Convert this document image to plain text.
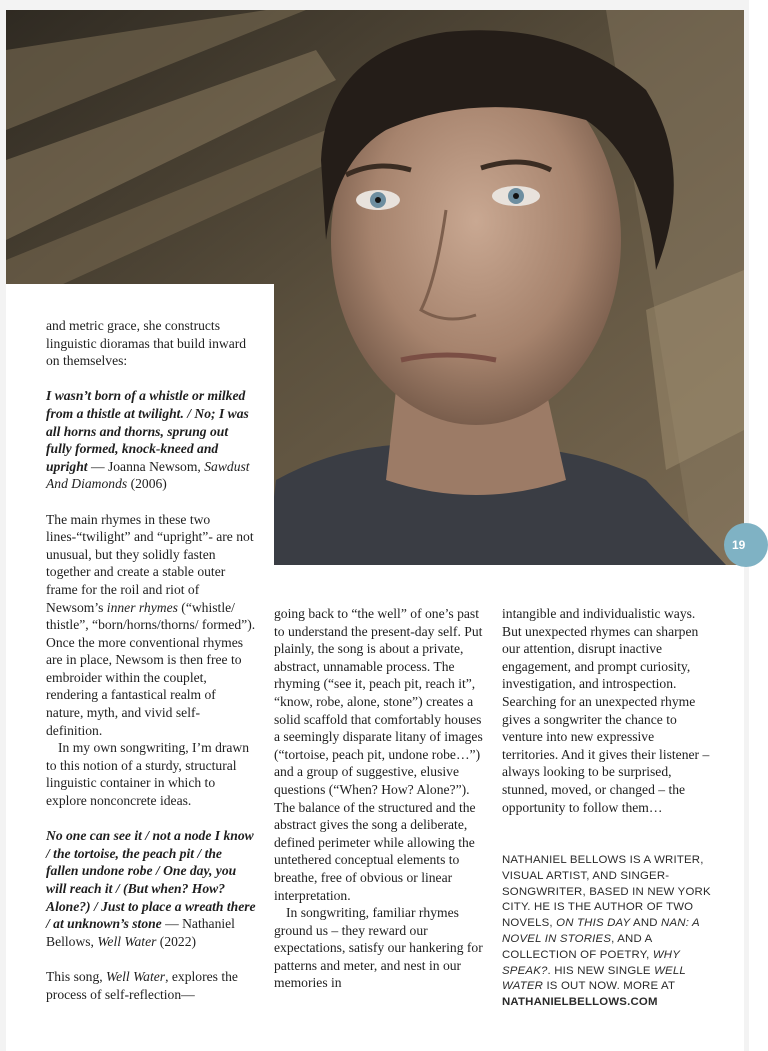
19

and metric grace, she constructs linguistic dioramas that build inward on themselves:

I wasn’t born of a whistle or milked from a thistle at twilight. / No; I was all horns and thorns, sprung out fully formed, knock-kneed and upright — Joanna Newsom, Sawdust And Diamonds (2006)

The main rhymes in these two lines-“twilight” and “upright”- are not unusual, but they solidly fasten together and create a stable outer frame for the roil and riot of Newsom’s inner rhymes (“whistle/ thistle”, “born/horns/thorns/ formed”). Once the more conventional rhymes are in place, Newsom is then free to embroider within the couplet, rendering a fantastical realm of nature, myth, and vivid self-definition.

In my own songwriting, I’m drawn to this notion of a sturdy, structural linguistic container in which to explore nonconcrete ideas.

No one can see it / not a node I know / the tortoise, the peach pit / the fallen undone robe / One day, you will reach it / (But when? How? Alone?) / Just to place a wreath there / at unknown’s stone — Nathaniel Bellows, Well Water (2022)

This song, Well Water, explores the process of self-reflection—

going back to “the well” of one’s past to understand the present-day self. Put plainly, the song is about a private, abstract, unnamable process. The rhyming (“see it, peach pit, reach it”, “know, robe, alone, stone”) creates a solid scaffold that comfortably houses a seemingly disparate litany of images (“tortoise, peach pit, undone robe…”) and a group of suggestive, elusive questions (“When? How? Alone?”). The balance of the structured and the abstract gives the song a deliberate, defined perimeter while allowing the untethered conceptual elements to breathe, free of obvious or linear interpretation.

In songwriting, familiar rhymes ground us – they reward our expectations, satisfy our hankering for patterns and meter, and nest in our memories in

intangible and individualistic ways. But unexpected rhymes can sharpen our attention, disrupt inactive engagement, and prompt curiosity, investigation, and introspection. Searching for an unexpected rhyme gives a songwriter the chance to venture into new expressive territories. And it gives their listener – always looking to be surprised, stunned, moved, or changed – the opportunity to follow them…

NATHANIEL BELLOWS IS A WRITER, VISUAL ARTIST, AND SINGER-SONGWRITER, BASED IN NEW YORK CITY. HE IS THE AUTHOR OF TWO NOVELS, ON THIS DAY AND NAN: A NOVEL IN STORIES, AND A COLLECTION OF POETRY, WHY SPEAK?. HIS NEW SINGLE WELL WATER IS OUT NOW. MORE AT NATHANIELBELLOWS.COM
